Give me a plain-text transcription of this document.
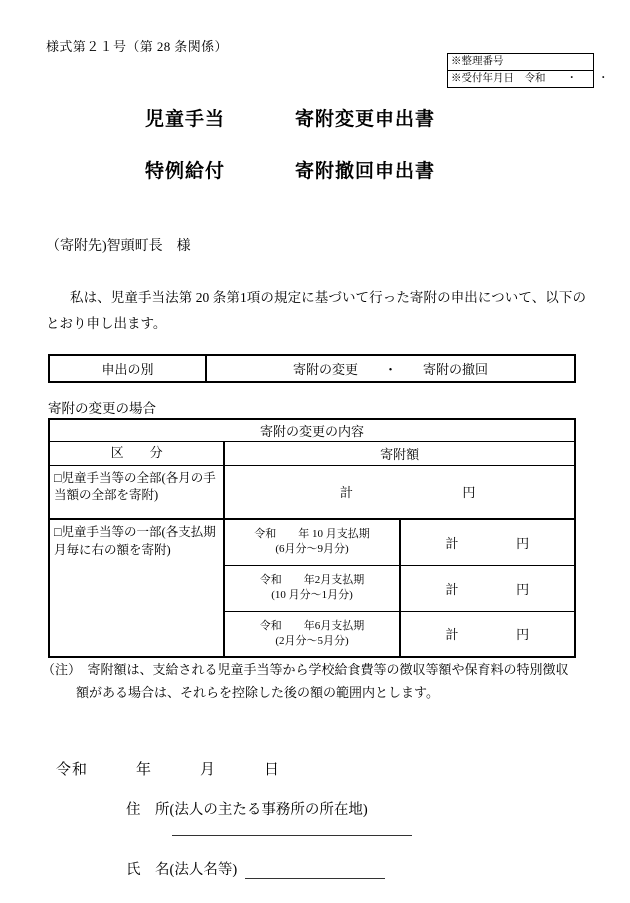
様式第２１号（第 28 条関係）
※整理番号
※受付年月日　令和　　・　　・
児童手当	寄附変更申出書
特例給付	寄附撤回申出書
（寄附先)智頭町長　様
私は、児童手当法第 20 条第1項の規定に基づいて行った寄附の申出について、以下のとおり申し出ます。
申出の別	寄附の変更　　・　　寄附の撤回
寄附の変更の場合
寄附の変更の内容		
区　　分	寄附額	
□児童手当等の全部(各月の手当額の全部を寄附)	計 円	

□児童手当等の一部(各支払期月毎に右の額を寄附)	
令和　　年 10 月支払期
(6月分～9月分)	計	円

令和　　年2月支払期
(10 月分～1月分)	計	円

令和　　年6月支払期
(2月分～5月分)	計	円
（注）　寄附額は、支給される児童手当等から学校給食費等の徴収等額や保育料の特別徴収
額がある場合は、それらを控除した後の額の範囲内とします。
令和　　　年　　　月　　　日
住　所(法人の主たる事務所の所在地)
氏　名(法人名等)
